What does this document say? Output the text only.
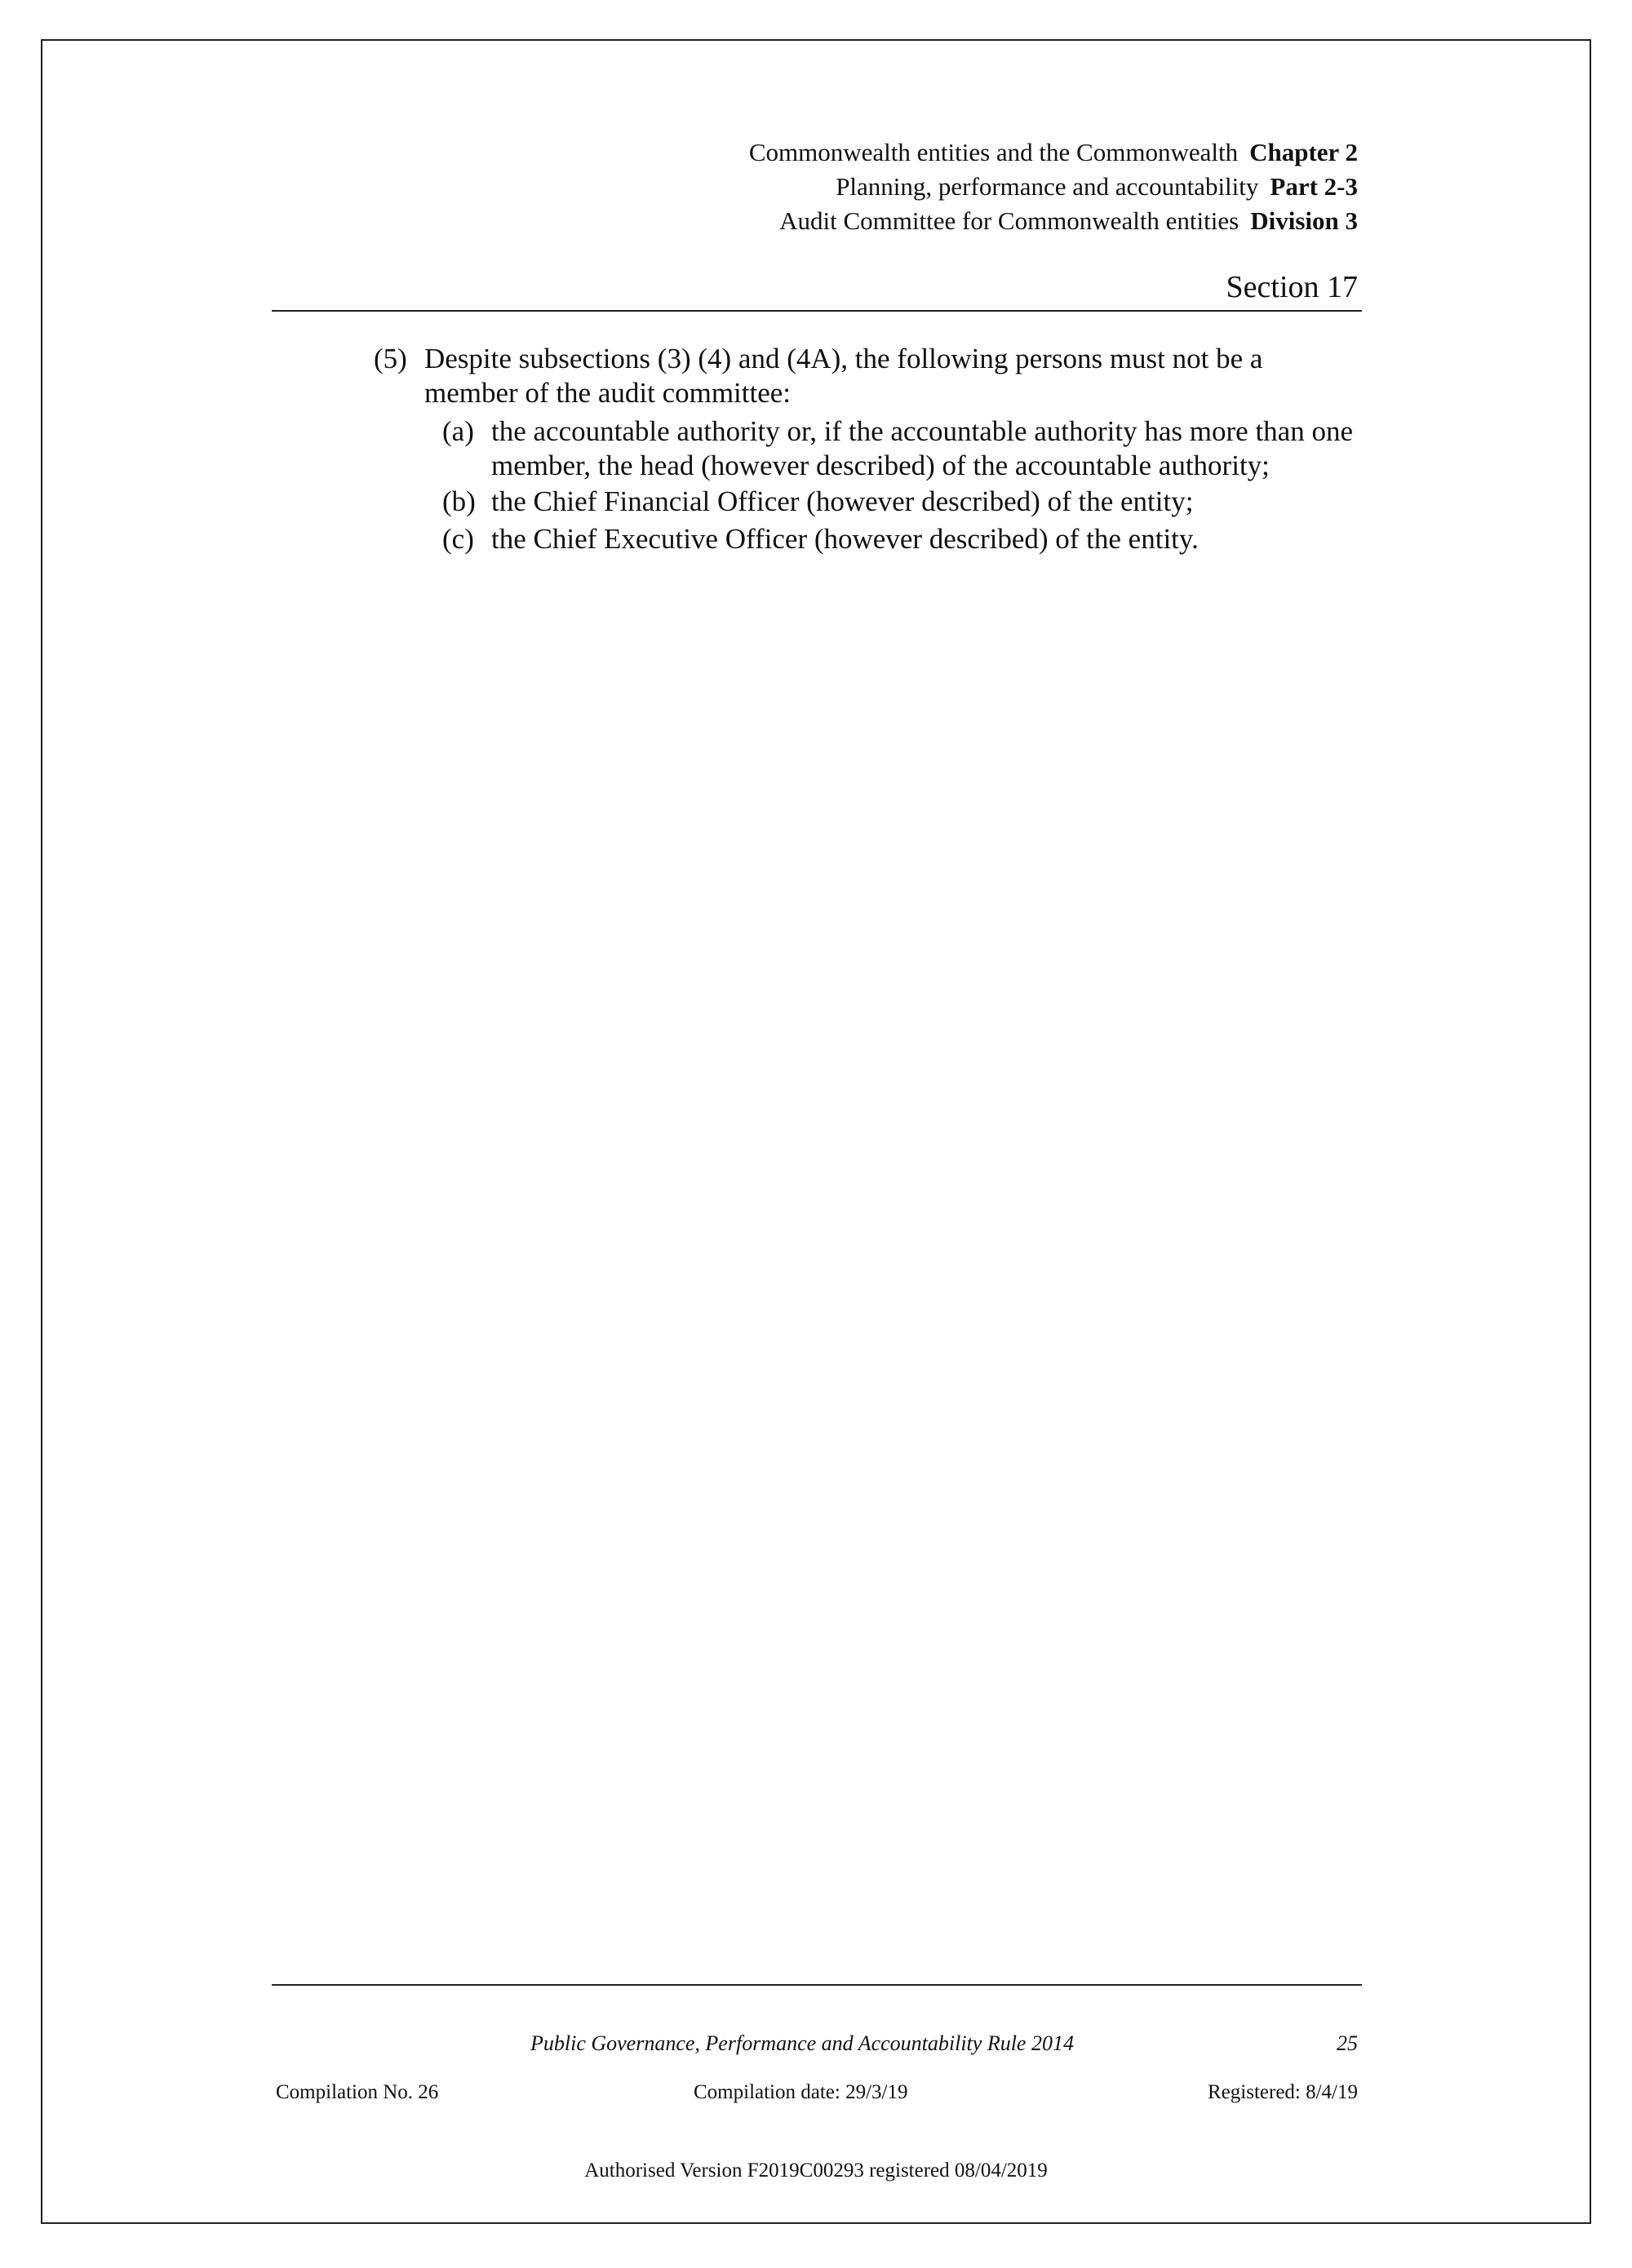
Commonwealth entities and the Commonwealth Chapter 2
Planning, performance and accountability Part 2-3
Audit Committee for Commonwealth entities Division 3
Section 17
(5) Despite subsections (3) (4) and (4A), the following persons must not be a member of the audit committee:
(a) the accountable authority or, if the accountable authority has more than one member, the head (however described) of the accountable authority;
(b) the Chief Financial Officer (however described) of the entity;
(c) the Chief Executive Officer (however described) of the entity.
Public Governance, Performance and Accountability Rule 2014	25
Compilation No. 26	Compilation date: 29/3/19	Registered: 8/4/19
Authorised Version F2019C00293 registered 08/04/2019
